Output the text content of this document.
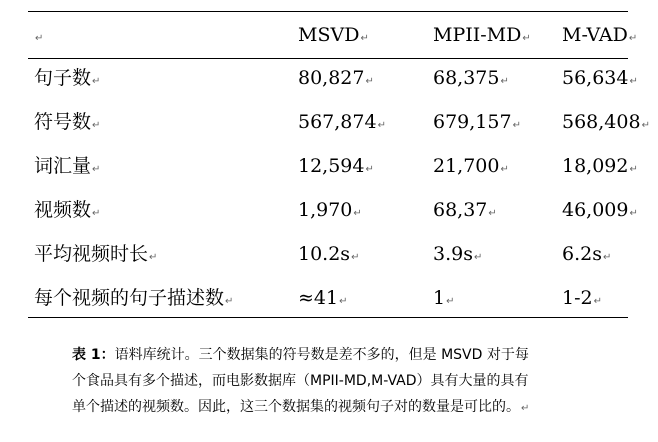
↵	MSVD↵	MPII-MD↵ M-VAD↵
句子数↵	80,827↵	68,375↵	56,634↵
符号数↵	567,874↵ 679,157↵ 568,408↵
词汇量↵	12,594↵	21,700↵	18,092↵
视频数↵	1,970↵	68,37↵	46,009↵
平均视频时长↵	10.2s↵	3.9s↵	6.2s↵
每个视频的句子描述数↵	≈41↵	1↵	1-2↵
表 1：语料库统计。三个数据集的符号数是差不多的，但是 MSVD 对于每
个食品具有多个描述，而电影数据库（MPII-MD,M-VAD）具有大量的具有
单个描述的视频数。因此，这三个数据集的视频句子对的数量是可比的。↵
